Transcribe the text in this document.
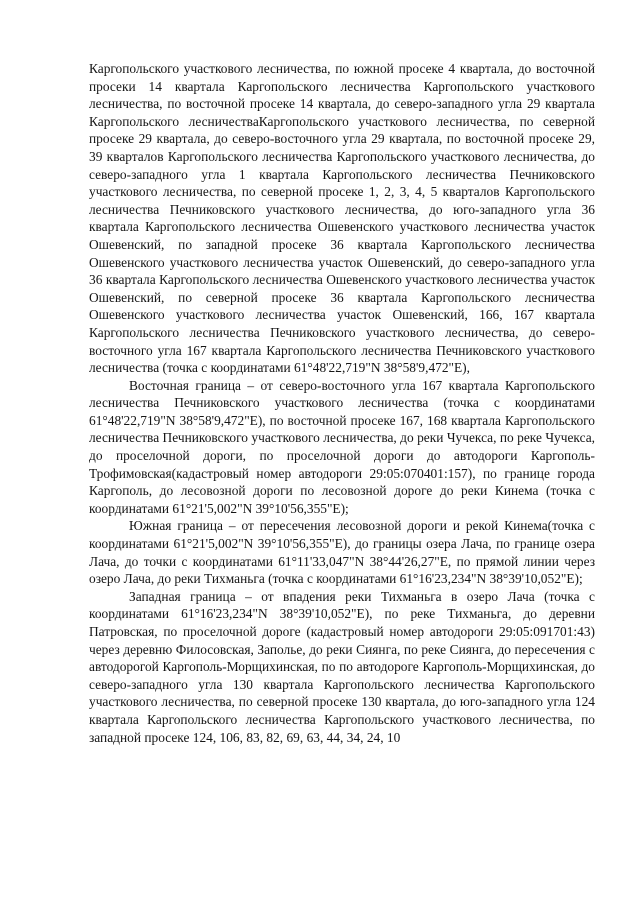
Каргопольского участкового лесничества, по южной просеке 4 квартала, до восточной просеки 14 квартала Каргопольского лесничества Каргопольского участкового лесничества, по восточной просеке 14 квартала, до северо-западного угла 29 квартала Каргопольского лесничестваКаргопольского участкового лесничества, по северной просеке 29 квартала, до северо-восточного угла 29 квартала, по восточной просеке 29, 39 кварталов Каргопольского лесничества Каргопольского участкового лесничества, до северо-западного угла 1 квартала Каргопольского лесничества Печниковского участкового лесничества, по северной просеке 1, 2, 3, 4, 5 кварталов Каргопольского лесничества Печниковского участкового лесничества, до юго-западного угла 36 квартала Каргопольского лесничества Ошевенского участкового лесничества участок Ошевенский, по западной просеке 36 квартала Каргопольского лесничества Ошевенского участкового лесничества участок Ошевенский, до северо-западного угла 36 квартала Каргопольского лесничества Ошевенского участкового лесничества участок Ошевенский, по северной просеке 36 квартала Каргопольского лесничества Ошевенского участкового лесничества участок Ошевенский, 166, 167 квартала Каргопольского лесничества Печниковского участкового лесничества, до северо-восточного угла 167 квартала Каргопольского лесничества Печниковского участкового лесничества (точка с координатами 61°48'22,719"N 38°58'9,472"E),

Восточная граница – от северо-восточного угла 167 квартала Каргопольского лесничества Печниковского участкового лесничества (точка с координатами 61°48'22,719"N 38°58'9,472"E), по восточной просеке 167, 168 квартала Каргопольского лесничества Печниковского участкового лесничества, до реки Чучекса, по реке Чучекса, до проселочной дороги, по проселочной дороги до автодороги Каргополь-Трофимовская(кадастровый номер автодороги 29:05:070401:157), по границе города Каргополь, до лесовозной дороги по лесовозной дороге до реки Кинема (точка с координатами 61°21'5,002"N 39°10'56,355"E);

Южная граница – от пересечения лесовозной дороги и рекой Кинема(точка с координатами 61°21'5,002"N 39°10'56,355"E), до границы озера Лача, по границе озера Лача, до точки с координатами 61°11'33,047"N 38°44'26,27"E, по прямой линии через озеро Лача, до реки Тихманьга (точка с координатами 61°16'23,234"N 38°39'10,052"E);

Западная граница – от впадения реки Тихманьга в озеро Лача (точка с координатами 61°16'23,234"N 38°39'10,052"E), по реке Тихманьга, до деревни Патровская, по проселочной дороге (кадастровый номер автодороги 29:05:091701:43) через деревню Филосовская, Заполье, до реки Сиянга, по реке Сиянга, до пересечения с автодорогой Каргополь-Морщихинская, по по автодороге Каргополь-Морщихинская, до северо-западного угла 130 квартала Каргопольского лесничества Каргопольского участкового лесничества, по северной просеке 130 квартала, до юго-западного угла 124 квартала Каргопольского лесничества Каргопольского участкового лесничества, по западной просеке 124, 106, 83, 82, 69, 63, 44, 34, 24, 10
